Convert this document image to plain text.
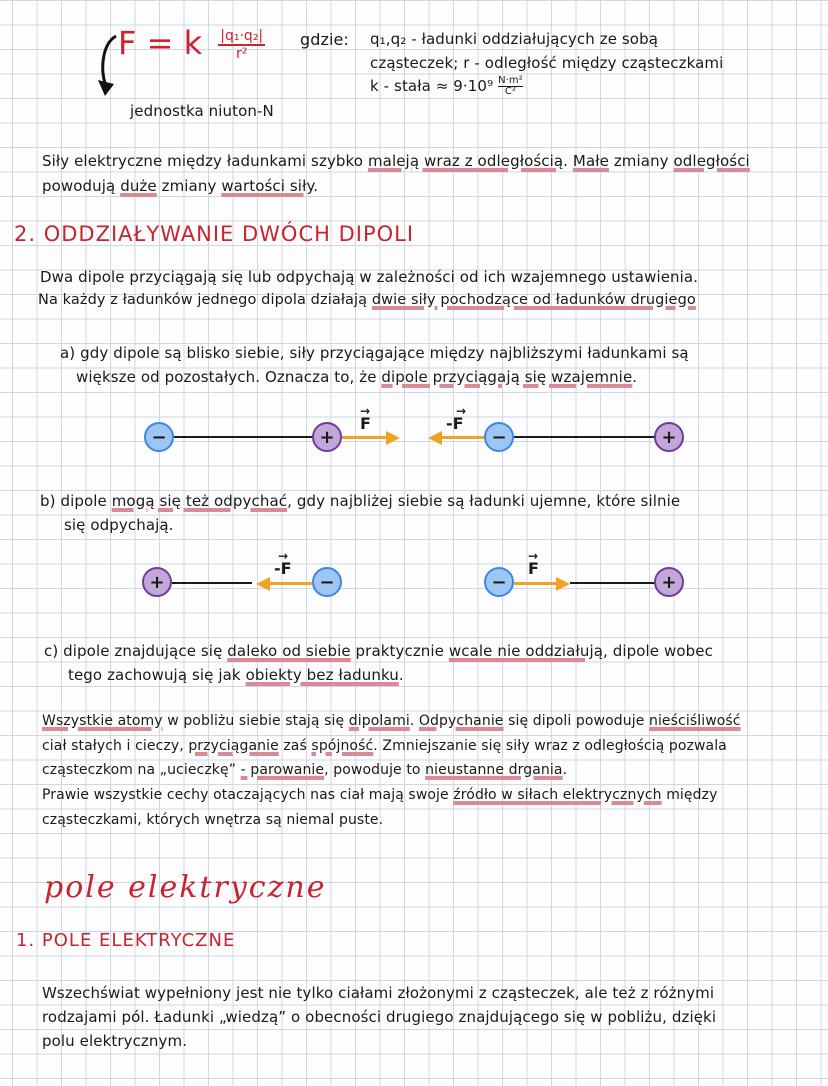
F = k $\frac{\text{|q₁·q₂|}}{\text{r²}}$
jednostka niuton-N
gdzie: q₁,q₂ - ładunki oddziałujących ze sobą
cząsteczek; r - odległość między cząsteczkami
k - stała ≈ $9\cdot 10^9 \frac{\text{N·m²}}{\text{C²}}$
Siły elektryczne między ładunkami szybko maleją wraz z odległością. Małe zmiany odległości
powodują duże zmiany wartości siły.
2. ODDZIAŁYWANIE DWÓCH DIPOLI
Dwa dipole przyciągają się lub odpychają w zależności od ich wzajemnego ustawienia.
Na każdy z ładunków jednego dipola działają dwie siły pochodzące od ładunków drugiego
a) gdy dipole są blisko siebie, siły przyciągające między najbliższymi ładunkami są
większe od pozostałych. Oznacza to, że dipole przyciągają się wzajemnie.
−	+
→
F
→
-F
−	+
b) dipole mogą się też odpychać, gdy najbliżej siebie są ładunki ujemne, które silnie
się odpychają.
+
→
-F
−	−
→
F
+
c) dipole znajdujące się daleko od siebie praktycznie wcale nie oddziałują, dipole wobec
tego zachowują się jak obiekty bez ładunku.
Wszystkie atomy w pobliżu siebie stają się dipolami. Odpychanie się dipoli powoduje nieściśliwość
ciał stałych i cieczy, przyciąganie zaś spójność. Zmniejszanie się siły wraz z odległością pozwala
cząsteczkom na „ucieczkę” - parowanie, powoduje to nieustanne drgania.
Prawie wszystkie cechy otaczających nas ciał mają swoje źródło w siłach elektrycznych między
cząsteczkami, których wnętrza są niemal puste.
pole elektryczne
1. POLE ELEKTRYCZNE
Wszechświat wypełniony jest nie tylko ciałami złożonymi z cząsteczek, ale też z różnymi
rodzajami pól. Ładunki „wiedzą” o obecności drugiego znajdującego się w pobliżu, dzięki
polu elektrycznym.
